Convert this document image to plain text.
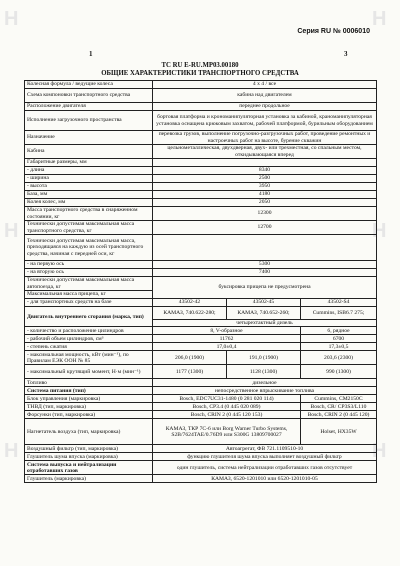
H	H
H	H
H	H
Серия RU № 0006010
1	3
TC RU E-RU.MP03.00180
ОБЩИЕ ХАРАКТЕРИСТИКИ ТРАНСПОРТНОГО СРЕДСТВА
Колесная формула / ведущие колеса	4 x 4 / все		
Схема компоновки транспортного средства	кабина над двигателем		
Расположение двигателя	переднее продольное		
Исполнение загрузочного пространства	бортовая платформа и крономанипуляторная установка за кабиной, краноманипуляторная установка оснащена крюковым захватом, рабочей платформой, бурильным оборудованием		
Назначение	перевозка грузов, выполнение погрузочно-разгрузочных работ, проведение ремонтных и настроечных работ на высоте, бурение скважин		
Кабина	цельнометаллическая, двухдверная, двух- или трехместная, со спальным местом, откидывающаяся вперед		
Габаритные размеры, мм			
- длина	8340		
- ширина	2500		
- высота	3950		
База, мм	4180		
Колея колес, мм	2050		
Масса транспортного средства в снаряженном состоянии, кг	12300		
Технически допустимая максимальная масса транспортного средства, кг	12700		
Технически допустимая максимальная масса, приходящаяся на каждую из осей транспортного средства, начиная с передней оси, кг			
- на первую ось	5300		
- на вторую ось	7400		
Технически допустимая максимальная масса автопоезда, кг	буксировка прицепа не предусмотрена		
Максимальная масса прицепа, кг			
- для транспортных средств на базе	43502-42	43502-45	43502-S4
Двигатель внутреннего сгорания (марка, тип)	КАМАЗ, 740.622-280;	КАМАЗ, 740.652-260;	Cummins, ISB6.7 275;
	четырехтактный дизель		
- количество и расположение цилиндров	8, V-образное		6, рядное
- рабочий объем цилиндров, см³	11762		6700
- степень сжатия	17,0±0,4		17,3±0,5
- максимальная мощность, кВт (мин⁻¹), по Правилам ЕЭК ООН № 85	206,0 (1900)	191,0 (1900)	203,6 (2300)
- максимальный крутящий момент, Н·м (мин⁻¹)	1177 (1300)	1128 (1300)	990 (1300)
Топливо	дизельное		
Система питания (тип)	непосредственное впрыскивание топлива		
Блок управления (маркировка)	Bosch, EDC7UC31-1480 (0 281 020 114)		Cummins, CM2150C
ТНВД (тип, маркировка)	Bosch, CP3.4 (0 445 020 089)		Bosch, CR/ CP3S3/L110
Форсунки (тип, маркировка)	Bosch, CRIN 2 (0 445 120 153)		Bosch, CRIN 2 (0 445 120)
Нагнетатель воздуха (тип, маркировка)	КАМАЗ, ТКР 7С-6 или Borg Warner Turbo Systems, S2B/7624TAE/0.76D9 или S300G 13809700027		Holset, HX35W
Воздушный фильтр (тип, маркировка)	Автоагрегат, ФВ 721.1109510-10		
Глушитель шума впуска (маркировка)	функцию глушителя шума впуска выполняет воздушный фильтр		
Система выпуска и нейтрализации отработавших газов	один глушитель, система нейтрализации отработавших газов отсутствует		
Глушитель (маркировка)	КАМАЗ, 6520-1201010 или 6520-1201010-05		
